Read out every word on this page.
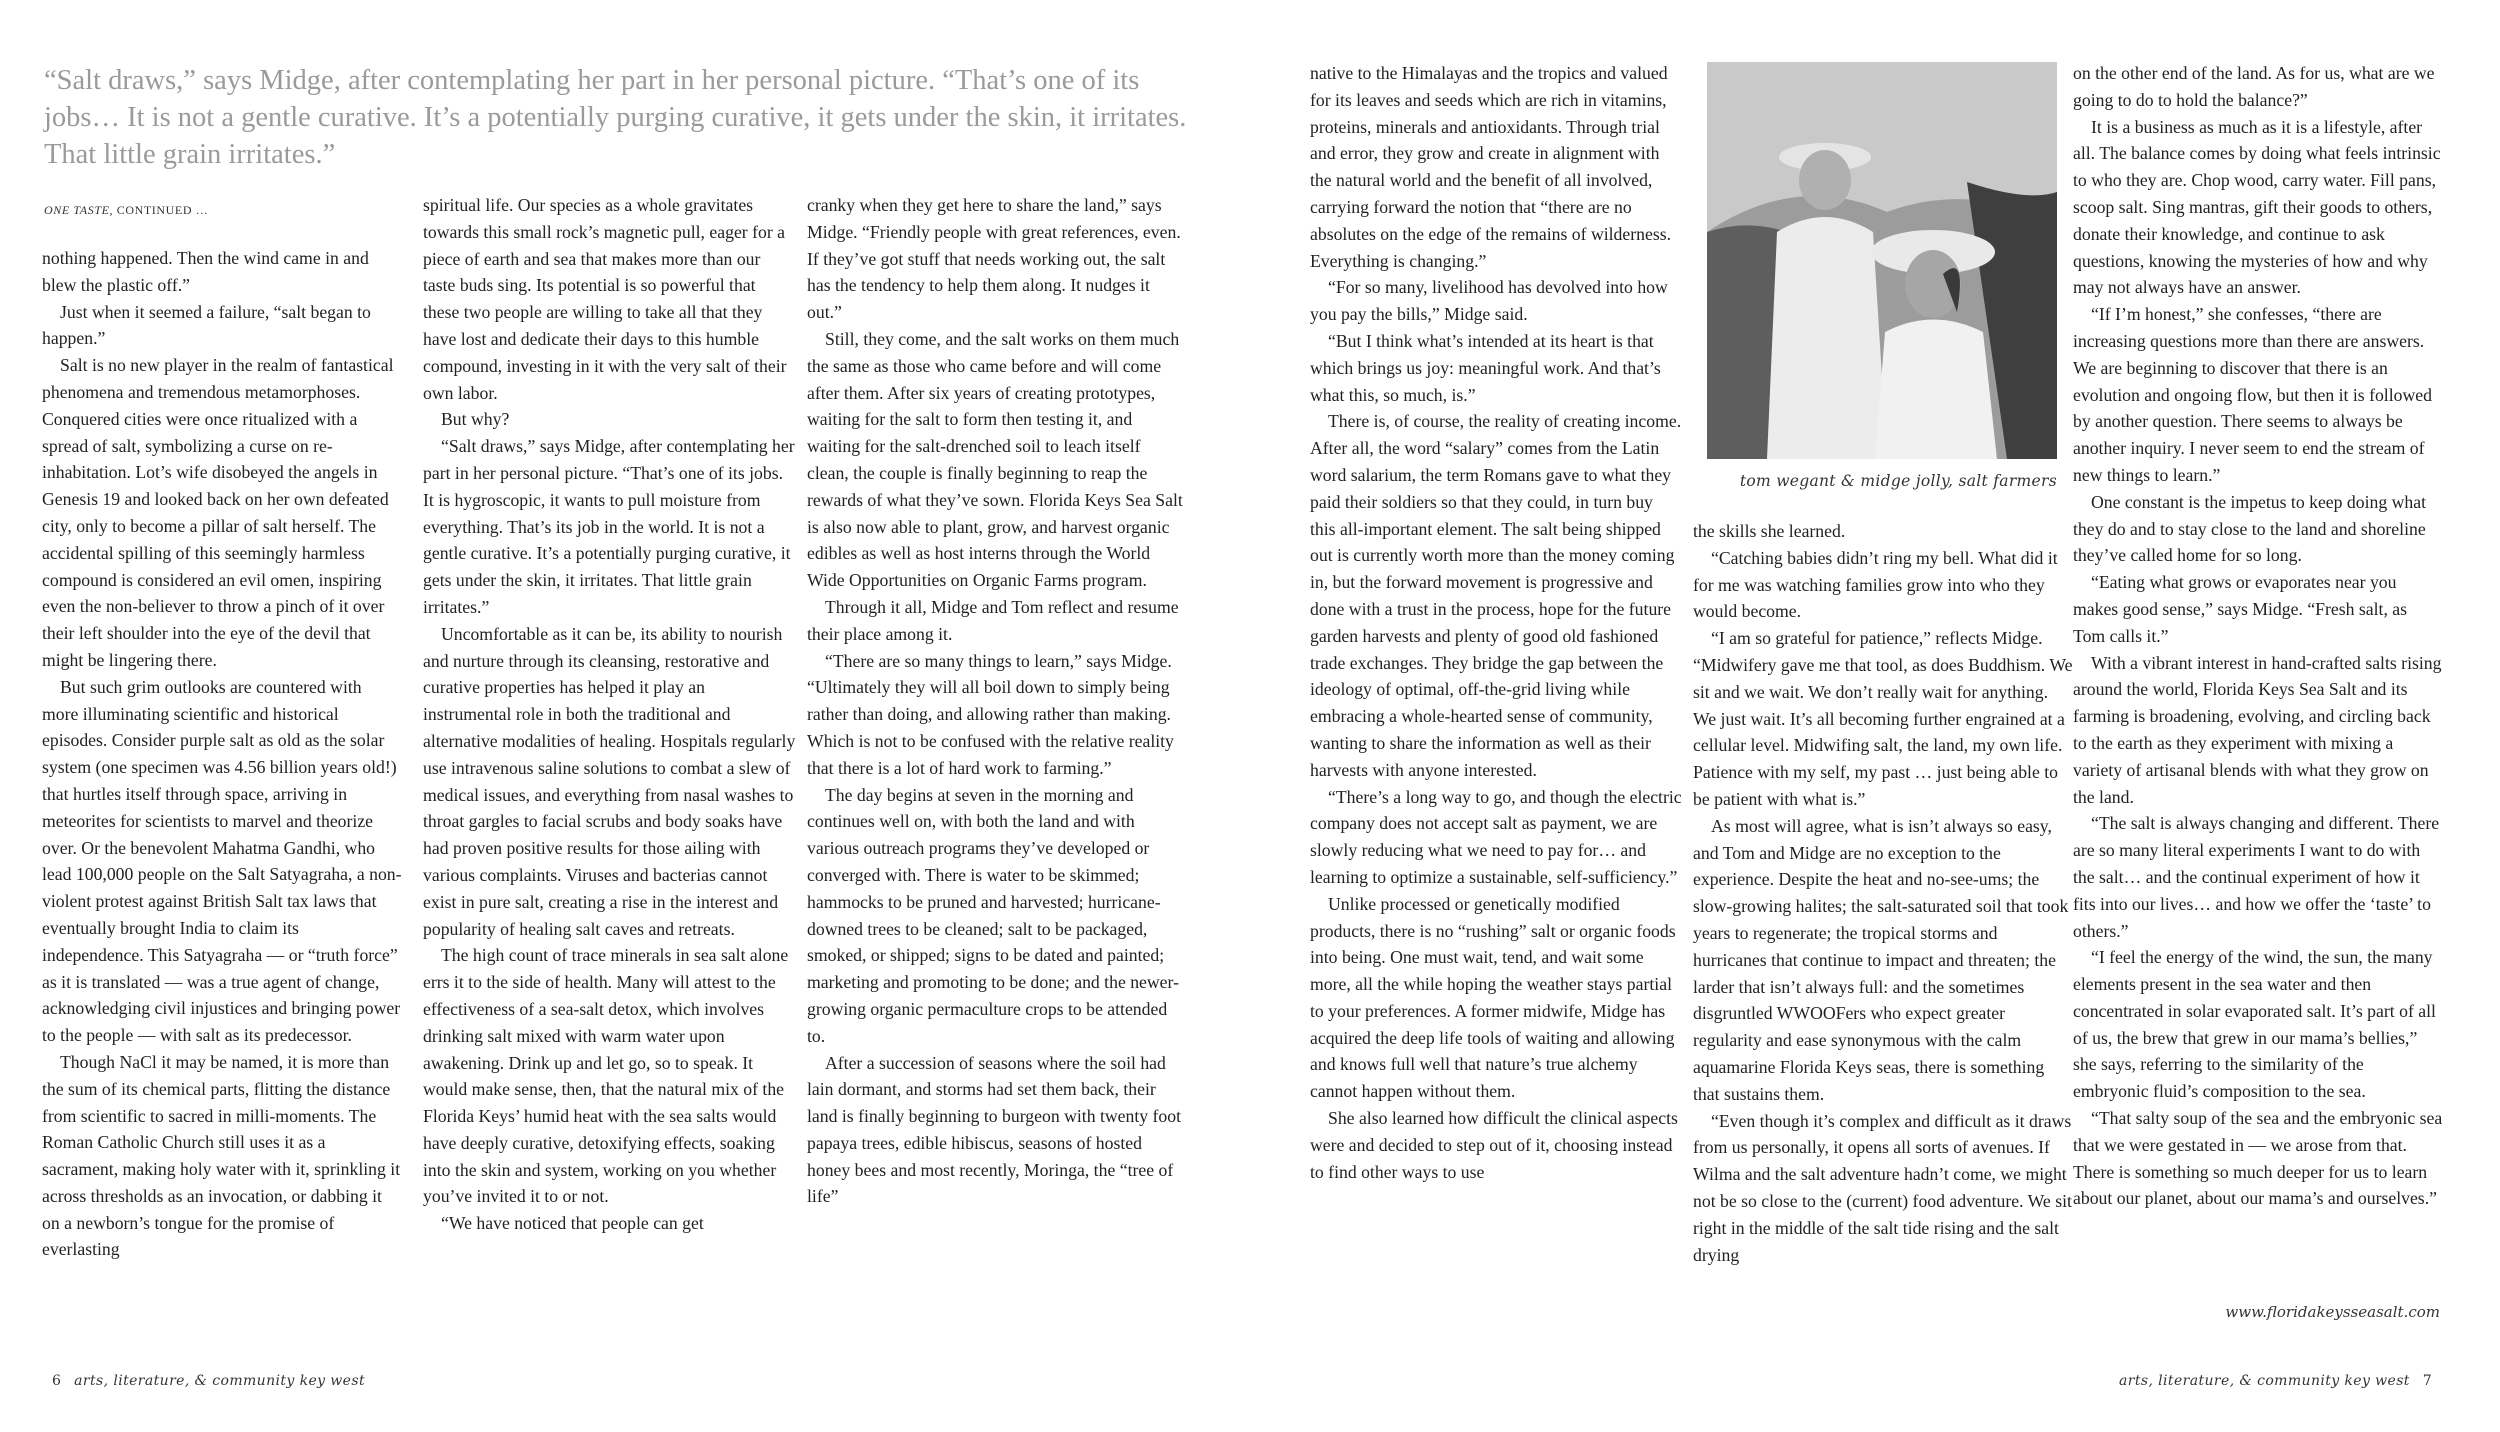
“Salt draws,” says Midge, after contemplating her part in her personal picture. “That’s one of its jobs… It is not a gentle curative. It’s a potentially purging curative, it gets under the skin, it irritates. That little grain irritates.”

ONE TASTE, CONTINUED …

nothing happened. Then the wind came in and blew the plastic off.”

Just when it seemed a failure, “salt began to happen.”

Salt is no new player in the realm of fantastical phenomena and tremendous metamorphoses. Conquered cities were once ritualized with a spread of salt, symbolizing a curse on re-inhabitation. Lot’s wife disobeyed the angels in Genesis 19 and looked back on her own defeated city, only to become a pillar of salt herself. The accidental spilling of this seemingly harmless compound is considered an evil omen, inspiring even the non-believer to throw a pinch of it over their left shoulder into the eye of the devil that might be lingering there.

But such grim outlooks are countered with more illuminating scientific and historical episodes. Consider purple salt as old as the solar system (one specimen was 4.56 billion years old!) that hurtles itself through space, arriving in meteorites for scientists to marvel and theorize over. Or the benevolent Mahatma Gandhi, who lead 100,000 people on the Salt Satyagraha, a non-violent protest against British Salt tax laws that eventually brought India to claim its independence. This Satyagraha — or “truth force” as it is translated — was a true agent of change, acknowledging civil injustices and bringing power to the people — with salt as its predecessor.

Though NaCl it may be named, it is more than the sum of its chemical parts, flitting the distance from scientific to sacred in milli-moments. The Roman Catholic Church still uses it as a sacrament, making holy water with it, sprinkling it across thresholds as an invocation, or dabbing it on a newborn’s tongue for the promise of everlasting

spiritual life. Our species as a whole gravitates towards this small rock’s magnetic pull, eager for a piece of earth and sea that makes more than our taste buds sing. Its potential is so powerful that these two people are willing to take all that they have lost and dedicate their days to this humble compound, investing in it with the very salt of their own labor.

But why?

“Salt draws,” says Midge, after contemplating her part in her personal picture. “That’s one of its jobs. It is hygroscopic, it wants to pull moisture from everything. That’s its job in the world. It is not a gentle curative. It’s a potentially purging curative, it gets under the skin, it irritates. That little grain irritates.”

Uncomfortable as it can be, its ability to nourish and nurture through its cleansing, restorative and curative properties has helped it play an instrumental role in both the traditional and alternative modalities of healing. Hospitals regularly use intravenous saline solutions to combat a slew of medical issues, and everything from nasal washes to throat gargles to facial scrubs and body soaks have had proven positive results for those ailing with various complaints. Viruses and bacterias cannot exist in pure salt, creating a rise in the interest and popularity of healing salt caves and retreats.

The high count of trace minerals in sea salt alone errs it to the side of health. Many will attest to the effectiveness of a sea-salt detox, which involves drinking salt mixed with warm water upon awakening. Drink up and let go, so to speak. It would make sense, then, that the natural mix of the Florida Keys’ humid heat with the sea salts would have deeply curative, detoxifying effects, soaking into the skin and system, working on you whether you’ve invited it to or not.

“We have noticed that people can get

cranky when they get here to share the land,” says Midge. “Friendly people with great references, even. If they’ve got stuff that needs working out, the salt has the tendency to help them along. It nudges it out.”

Still, they come, and the salt works on them much the same as those who came before and will come after them. After six years of creating prototypes, waiting for the salt to form then testing it, and waiting for the salt-drenched soil to leach itself clean, the couple is finally beginning to reap the rewards of what they’ve sown. Florida Keys Sea Salt is also now able to plant, grow, and harvest organic edibles as well as host interns through the World Wide Opportunities on Organic Farms program.

Through it all, Midge and Tom reflect and resume their place among it.

“There are so many things to learn,” says Midge. “Ultimately they will all boil down to simply being rather than doing, and allowing rather than making. Which is not to be confused with the relative reality that there is a lot of hard work to farming.”

The day begins at seven in the morning and continues well on, with both the land and with various outreach programs they’ve developed or converged with. There is water to be skimmed; hammocks to be pruned and harvested; hurricane-downed trees to be cleaned; salt to be packaged, smoked, or shipped; signs to be dated and painted; marketing and promoting to be done; and the newer-growing organic permaculture crops to be attended to.

After a succession of seasons where the soil had lain dormant, and storms had set them back, their land is finally beginning to burgeon with twenty foot papaya trees, edible hibiscus, seasons of hosted honey bees and most recently, Moringa, the “tree of life”

6 arts, literature, & community key west

native to the Himalayas and the tropics and valued for its leaves and seeds which are rich in vitamins, proteins, minerals and antioxidants. Through trial and error, they grow and create in alignment with the natural world and the benefit of all involved, carrying forward the notion that “there are no absolutes on the edge of the remains of wilderness. Everything is changing.”

“For so many, livelihood has devolved into how you pay the bills,” Midge said.

“But I think what’s intended at its heart is that which brings us joy: meaningful work. And that’s what this, so much, is.”

There is, of course, the reality of creating income. After all, the word “salary” comes from the Latin word salarium, the term Romans gave to what they paid their soldiers so that they could, in turn buy this all-important element. The salt being shipped out is currently worth more than the money coming in, but the forward movement is progressive and done with a trust in the process, hope for the future garden harvests and plenty of good old fashioned trade exchanges. They bridge the gap between the ideology of optimal, off-the-grid living while embracing a whole-hearted sense of community, wanting to share the information as well as their harvests with anyone interested.

“There’s a long way to go, and though the electric company does not accept salt as payment, we are slowly reducing what we need to pay for… and learning to optimize a sustainable, self-sufficiency.”

Unlike processed or genetically modified products, there is no “rushing” salt or organic foods into being. One must wait, tend, and wait some more, all the while hoping the weather stays partial to your preferences. A former midwife, Midge has acquired the deep life tools of waiting and allowing and knows full well that nature’s true alchemy cannot happen without them.

She also learned how difficult the clinical aspects were and decided to step out of it, choosing instead to find other ways to use

tom wegant & midge jolly, salt farmers

the skills she learned.

“Catching babies didn’t ring my bell. What did it for me was watching families grow into who they would become.

“I am so grateful for patience,” reflects Midge. “Midwifery gave me that tool, as does Buddhism. We sit and we wait. We don’t really wait for anything. We just wait. It’s all becoming further engrained at a cellular level. Midwifing salt, the land, my own life. Patience with my self, my past … just being able to be patient with what is.”

As most will agree, what is isn’t always so easy, and Tom and Midge are no exception to the experience. Despite the heat and no-see-ums; the slow-growing halites; the salt-saturated soil that took years to regenerate; the tropical storms and hurricanes that continue to impact and threaten; the larder that isn’t always full: and the sometimes disgruntled WWOOFers who expect greater regularity and ease synonymous with the calm aquamarine Florida Keys seas, there is something that sustains them.

“Even though it’s complex and difficult as it draws from us personally, it opens all sorts of avenues. If Wilma and the salt adventure hadn’t come, we might not be so close to the (current) food adventure. We sit right in the middle of the salt tide rising and the salt drying

on the other end of the land. As for us, what are we going to do to hold the balance?”

It is a business as much as it is a lifestyle, after all. The balance comes by doing what feels intrinsic to who they are. Chop wood, carry water. Fill pans, scoop salt. Sing mantras, gift their goods to others, donate their knowledge, and continue to ask questions, knowing the mysteries of how and why may not always have an answer.

“If I’m honest,” she confesses, “there are increasing questions more than there are answers. We are beginning to discover that there is an evolution and ongoing flow, but then it is followed by another question. There seems to always be another inquiry. I never seem to end the stream of new things to learn.”

One constant is the impetus to keep doing what they do and to stay close to the land and shoreline they’ve called home for so long.

“Eating what grows or evaporates near you makes good sense,” says Midge. “Fresh salt, as Tom calls it.”

With a vibrant interest in hand-crafted salts rising around the world, Florida Keys Sea Salt and its farming is broadening, evolving, and circling back to the earth as they experiment with mixing a variety of artisanal blends with what they grow on the land.

“The salt is always changing and different. There are so many literal experiments I want to do with the salt… and the continual experiment of how it fits into our lives… and how we offer the ‘taste’ to others.”

“I feel the energy of the wind, the sun, the many elements present in the sea water and then concentrated in solar evaporated salt. It’s part of all of us, the brew that grew in our mama’s bellies,” she says, referring to the similarity of the embryonic fluid’s composition to the sea.

“That salty soup of the sea and the embryonic sea that we were gestated in — we arose from that. There is something so much deeper for us to learn about our planet, about our mama’s and ourselves.”

www.floridakeysseasalt.com
arts, literature, & community key west 7
